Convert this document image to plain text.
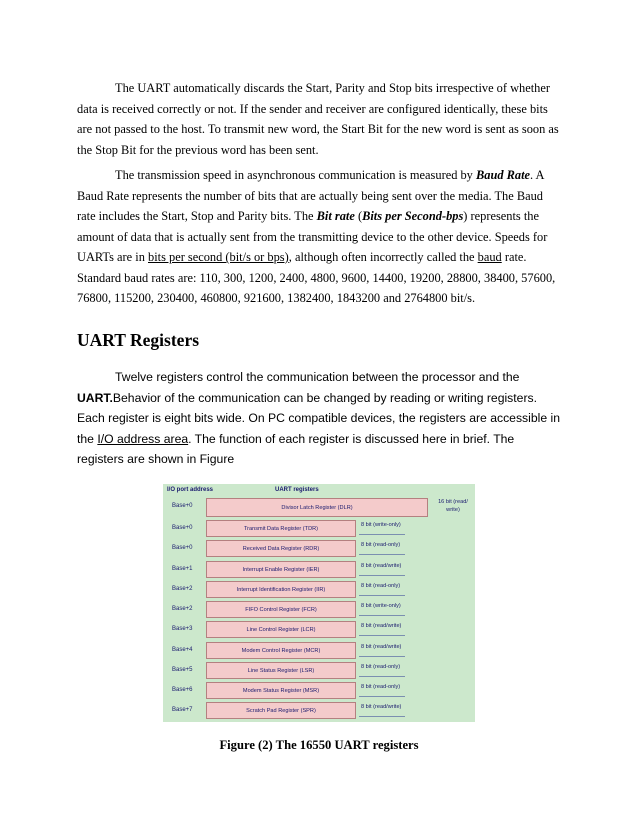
The UART automatically discards the Start, Parity and Stop bits irrespective of whether data is received correctly or not. If the sender and receiver are configured identically, these bits are not passed to the host. To transmit new word, the Start Bit for the new word is sent as soon as the Stop Bit for the previous word has been sent.

The transmission speed in asynchronous communication is measured by Baud Rate. A Baud Rate represents the number of bits that are actually being sent over the media. The Baud rate includes the Start, Stop and Parity bits. The Bit rate (Bits per Second-bps) represents the amount of data that is actually sent from the transmitting device to the other device. Speeds for UARTs are in bits per second (bit/s or bps), although often incorrectly called the baud rate. Standard baud rates are: 110, 300, 1200, 2400, 4800, 9600, 14400, 19200, 28800, 38400, 57600, 76800, 115200, 230400, 460800, 921600, 1382400, 1843200 and 2764800 bit/s.

UART Registers

Twelve registers control the communication between the processor and the UART.Behavior of the communication can be changed by reading or writing registers. Each register is eight bits wide. On PC compatible devices, the registers are accessible in the I/O address area. The function of each register is discussed here in brief. The registers are shown in Figure

I/O port address	UART registers
Base+0	Divisor Latch Register (DLR)
16 bit (read/ write)
Base+0	Transmit Data Register (TDR)
8 bit (write-only)
Base+0	Received Data Register (RDR)
8 bit (read-only)
Base+1	Interrupt Enable Register (IER)
8 bit (read/write)
Base+2	Interrupt Identification Register (IIR)
8 bit (read-only)
Base+2	FIFO Control Register (FCR)
8 bit (write-only)
Base+3	Line Control Register (LCR)
8 bit (read/write)
Base+4	Modem Control Register (MCR)
8 bit (read/write)
Base+5	Line Status Register (LSR)
8 bit (read-only)
Base+6	Modem Status Register (MSR)
8 bit (read-only)
Base+7	Scratch Pad Register (SPR)
8 bit (read/write)
Figure (2) The 16550 UART registers
